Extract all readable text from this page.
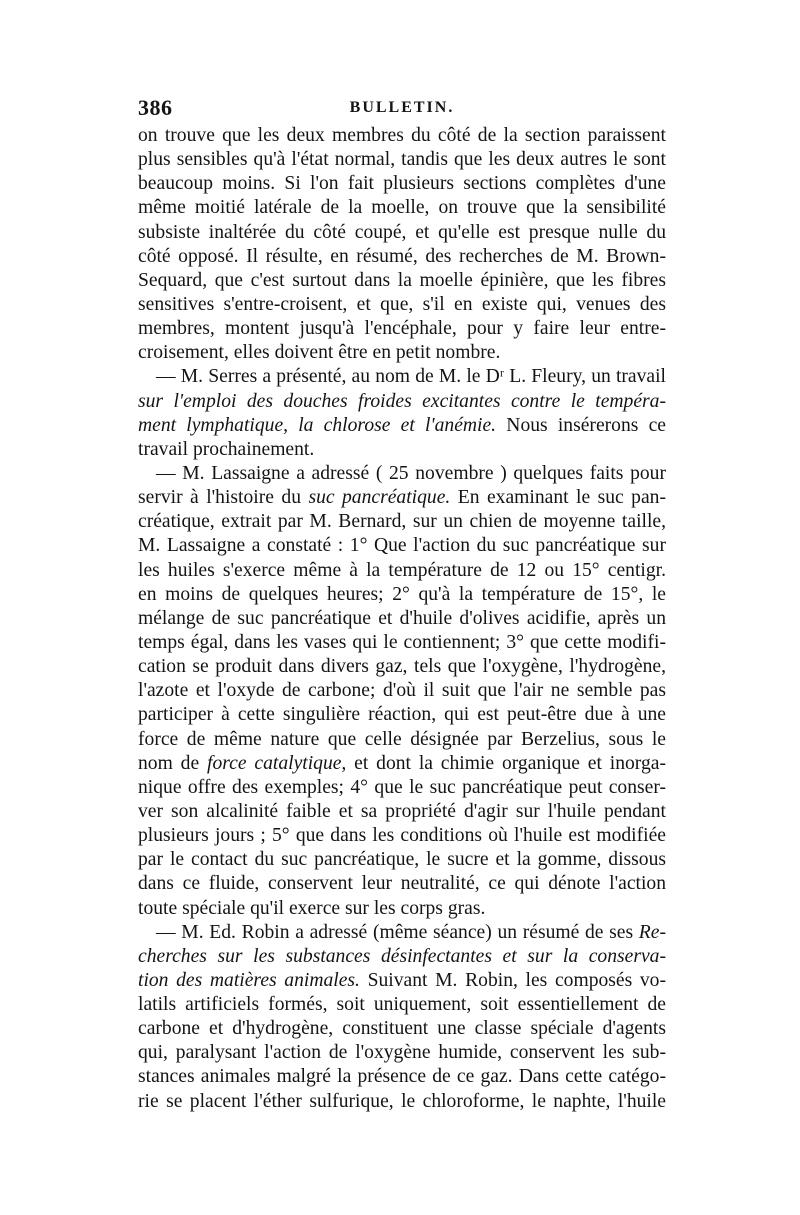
386	BULLETIN.
on trouve que les deux membres du côté de la section paraissent
plus sensibles qu'à l'état normal, tandis que les deux autres le sont
beaucoup moins. Si l'on fait plusieurs sections complètes d'une
même moitié latérale de la moelle, on trouve que la sensibilité
subsiste inaltérée du côté coupé, et qu'elle est presque nulle du
côté opposé. Il résulte, en résumé, des recherches de M. Brown-
Sequard, que c'est surtout dans la moelle épinière, que les fibres
sensitives s'entre-croisent, et que, s'il en existe qui, venues des
membres, montent jusqu'à l'encéphale, pour y faire leur entre-
croisement, elles doivent être en petit nombre.
— M. Serres a présenté, au nom de M. le Dʳ L. Fleury, un travail
sur l'emploi des douches froides excitantes contre le tempéra-
ment lymphatique, la chlorose et l'anémie. Nous insérerons ce
travail prochainement.
— M. Lassaigne a adressé ( 25 novembre ) quelques faits pour
servir à l'histoire du suc pancréatique. En examinant le suc pan-
créatique, extrait par M. Bernard, sur un chien de moyenne taille,
M. Lassaigne a constaté : 1° Que l'action du suc pancréatique sur
les huiles s'exerce même à la température de 12 ou 15° centigr.
en moins de quelques heures; 2° qu'à la température de 15°, le
mélange de suc pancréatique et d'huile d'olives acidifie, après un
temps égal, dans les vases qui le contiennent; 3° que cette modifi-
cation se produit dans divers gaz, tels que l'oxygène, l'hydrogène,
l'azote et l'oxyde de carbone; d'où il suit que l'air ne semble pas
participer à cette singulière réaction, qui est peut-être due à une
force de même nature que celle désignée par Berzelius, sous le
nom de force catalytique, et dont la chimie organique et inorga-
nique offre des exemples; 4° que le suc pancréatique peut conser-
ver son alcalinité faible et sa propriété d'agir sur l'huile pendant
plusieurs jours ; 5° que dans les conditions où l'huile est modifiée
par le contact du suc pancréatique, le sucre et la gomme, dissous
dans ce fluide, conservent leur neutralité, ce qui dénote l'action
toute spéciale qu'il exerce sur les corps gras.
— M. Ed. Robin a adressé (même séance) un résumé de ses Re-
cherches sur les substances désinfectantes et sur la conserva-
tion des matières animales. Suivant M. Robin, les composés vo-
latils artificiels formés, soit uniquement, soit essentiellement de
carbone et d'hydrogène, constituent une classe spéciale d'agents
qui, paralysant l'action de l'oxygène humide, conservent les sub-
stances animales malgré la présence de ce gaz. Dans cette catégo-
rie se placent l'éther sulfurique, le chloroforme, le naphte, l'huile
